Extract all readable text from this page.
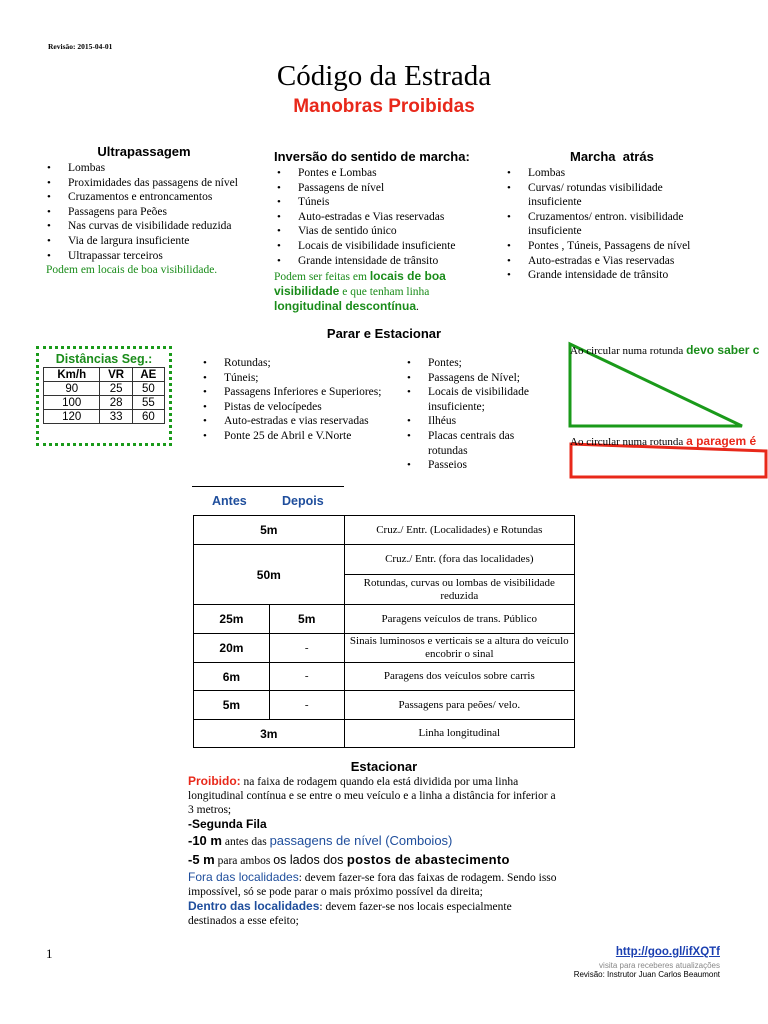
Revisão: 2015-04-01
Código da Estrada
Manobras Proibidas
Ultrapassagem
• Lombas
• Proximidades das passagens de nível
• Cruzamentos e entroncamentos
• Passagens para Peões
• Nas curvas de visibilidade reduzida
• Via de largura insuficiente
• Ultrapassar terceiros
Podem em locais de boa visibilidade.
Inversão do sentido de marcha:
• Pontes e Lombas
• Passagens de nível
• Túneis
• Auto-estradas e Vias reservadas
• Vias de sentido único
• Locais de visibilidade insuficiente
• Grande intensidade de trânsito
Podem ser feitas em locais de boa visibilidade e que tenham linha longitudinal descontínua.
Marcha  atrás
• Lombas
• Curvas/ rotundas visibilidade insuficiente
• Cruzamentos/ entron. visibilidade insuficiente
• Pontes , Túneis, Passagens de nível
• Auto-estradas e Vias reservadas
• Grande intensidade de trânsito
Parar e Estacionar
Distâncias Seg.:
Km/h	VR	AE
90	25	50
100	28	55
120	33	60
• Rotundas;
• Túneis;
• Passagens Inferiores e Superiores;
• Pistas de velocípedes
• Auto-estradas e vias reservadas
• Ponte 25 de Abril e V.Norte
• Pontes;
• Passagens de Nível;
• Locais de visibilidade insuficiente;
• Ilhéus
• Placas centrais das rotundas
• Passeios
Ao circular numa rotunda devo saber c
Ao circular numa rotunda a paragem é
Antes	Depois
5m		Cruz./ Entr. (Localidades) e Rotundas
50m		Cruz./ Entr. (fora das localidades)
		Rotundas, curvas ou lombas de visibilidade reduzida
25m	5m	Paragens veículos de trans. Público
20m	-	Sinais luminosos e verticais se a altura do veículo encobrir o sinal
6m	-	Paragens dos veículos sobre carris
5m	-	Passagens para peões/ velo.
3m		Linha longitudinal
Estacionar
Proibido: na faixa de rodagem quando ela está dividida por uma linha longitudinal contínua e se entre o meu veículo e a linha a distância for inferior a 3 metros;
-Segunda Fila
-10 m antes das passagens de nível (Comboios)
-5 m para ambos os lados dos postos de abastecimento
Fora das localidades: devem fazer-se fora das faixas de rodagem. Sendo isso impossível, só se pode parar o mais próximo possível da direita;
Dentro das localidades: devem fazer-se nos locais especialmente destinados a esse efeito;
1	http://goo.gl/ifXQTf
visita para receberes atualizações
Revisão: Instrutor Juan Carlos Beaumont
